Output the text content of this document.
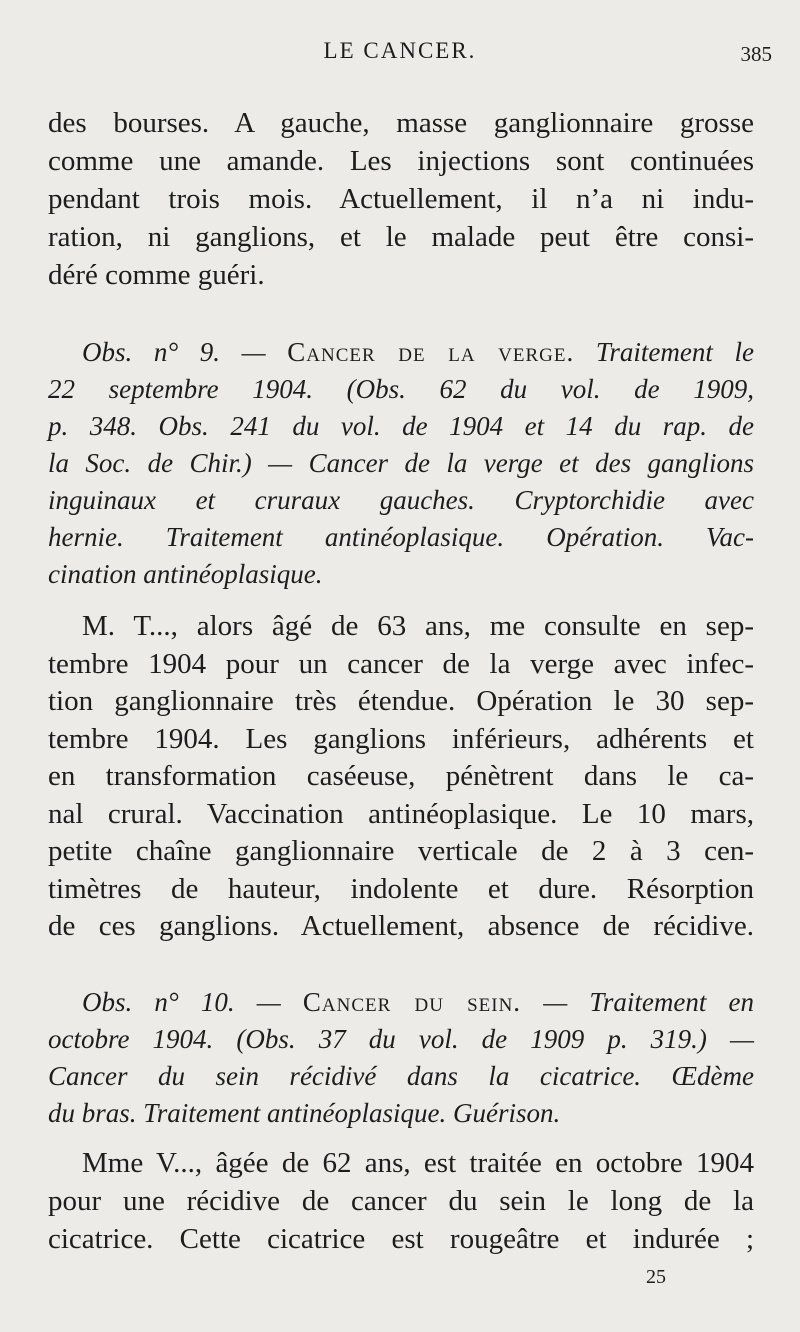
LE CANCER.	385
des bourses. A gauche, masse ganglionnaire grosse
comme une amande. Les injections sont continuées
pendant trois mois. Actuellement, il n’a ni indu-
ration, ni ganglions, et le malade peut être consi-
déré comme guéri.
Obs. n° 9. — Cancer de la verge. Traitement le
22 septembre 1904. (Obs. 62 du vol. de 1909,
p. 348. Obs. 241 du vol. de 1904 et 14 du rap. de
la Soc. de Chir.) — Cancer de la verge et des ganglions
inguinaux et cruraux gauches. Cryptorchidie avec
hernie. Traitement antinéoplasique. Opération. Vac-
cination antinéoplasique.
M. T..., alors âgé de 63 ans, me consulte en sep-
tembre 1904 pour un cancer de la verge avec infec-
tion ganglionnaire très étendue. Opération le 30 sep-
tembre 1904. Les ganglions inférieurs, adhérents et
en transformation caséeuse, pénètrent dans le ca-
nal crural. Vaccination antinéoplasique. Le 10 mars,
petite chaîne ganglionnaire verticale de 2 à 3 cen-
timètres de hauteur, indolente et dure. Résorption
de ces ganglions. Actuellement, absence de récidive.
Obs. n° 10. — Cancer du sein. — Traitement en
octobre 1904. (Obs. 37 du vol. de 1909 p. 319.) —
Cancer du sein récidivé dans la cicatrice. Œdème
du bras. Traitement antinéoplasique. Guérison.
Mme V..., âgée de 62 ans, est traitée en octobre 1904
pour une récidive de cancer du sein le long de la
cicatrice. Cette cicatrice est rougeâtre et indurée ;
25
